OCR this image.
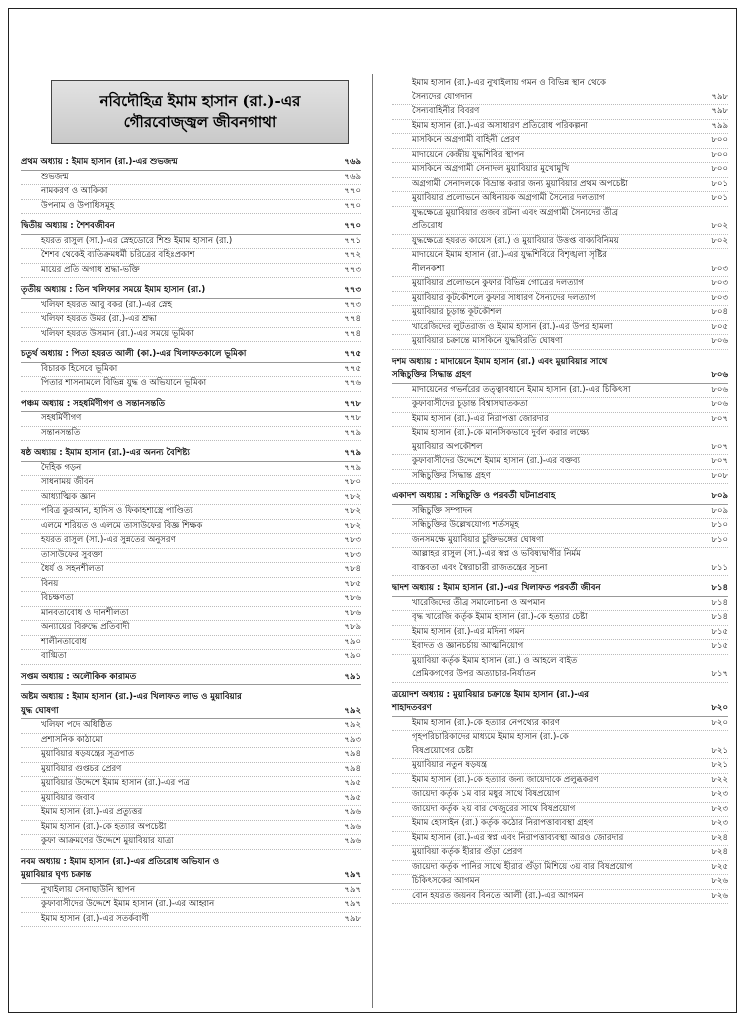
নবিদৌহিত্র ইমাম হাসান (রা.)-এর
গৌরবোজ্জ্বল জীবনগাথা
প্রথম অধ্যায় : ইমাম হাসান (রা.)-এর শুভজন্ম	৭৬৯
শুভজন্ম	৭৬৯
নামকরণ ও আকিকা	৭৭০
উপনাম ও উপাধিসমূহ	৭৭০
দ্বিতীয় অধ্যায় : শৈশবজীবন	৭৭০
হযরত রাসুল (সা.)-এর স্নেহডোরে শিশু ইমাম হাসান (রা.)	৭৭১
শৈশব থেকেই ব্যতিক্রমধর্মী চরিত্রের বহিঃপ্রকাশ	৭৭২
মায়ের প্রতি অগাধ শ্রদ্ধা-ভক্তি	৭৭৩
তৃতীয় অধ্যায় : তিন খলিফার সময়ে ইমাম হাসান (রা.)	৭৭৩
খলিফা হযরত আবু বকর (রা.)-এর স্নেহ	৭৭৩
খলিফা হযরত উমর (রা.)-এর শ্রদ্ধা	৭৭৪
খলিফা হযরত উসমান (রা.)-এর সময়ে ভূমিকা	৭৭৪
চতুর্থ অধ্যায় : পিতা হযরত আলী (কা.)-এর খিলাফতকালে ভূমিকা	৭৭৫
বিচারক হিসেবে ভূমিকা	৭৭৫
পিতার শাসনামলে বিভিন্ন যুদ্ধ ও অভিযানে ভূমিকা	৭৭৬
পঞ্চম অধ্যায় : সহধর্মিণীগণ ও সন্তানসন্ততি	৭৭৮
সহধর্মিণীগণ	৭৭৮
সন্তানসন্ততি	৭৭৯
ষষ্ঠ অধ্যায় : ইমাম হাসান (রা.)-এর অনন্য বৈশিষ্ট্য	৭৭৯
দৈহিক গড়ন	৭৭৯
সাধনাময় জীবন	৭৮০
আধ্যাত্মিক জ্ঞান	৭৮২
পবিত্র কুরআন, হাদিস ও ফিকাহশাস্ত্রে পাণ্ডিত্য	৭৮২
এলমে শরিয়ত ও এলমে তাসাউফের বিজ্ঞ শিক্ষক	৭৮২
হযরত রাসুল (সা.)-এর সুন্নতের অনুসরণ	৭৮৩
তাসাউফের সুবক্তা	৭৮৩
ধৈর্য ও সহনশীলতা	৭৮৪
বিনয়	৭৮৫
বিচক্ষণতা	৭৮৬
মানবতাবোধ ও দানশীলতা	৭৮৬
অন্যায়ের বিরুদ্ধে প্রতিবাদী	৭৮৯
শালীনতাবোধ	৭৯০
বাগ্মিতা	৭৯০
সপ্তম অধ্যায় : অলৌকিক কারামত	৭৯১
অষ্টম অধ্যায় : ইমাম হাসান (রা.)-এর খিলাফত লাভ ও মুয়াবিয়ার
যুদ্ধ ঘোষণা	৭৯২
খলিফা পদে অধিষ্ঠিত	৭৯২
প্রশাসনিক কাঠামো	৭৯৩
মুয়াবিয়ার ষড়যন্ত্রের সূত্রপাত	৭৯৪
মুয়াবিয়ার গুপ্তচর প্রেরণ	৭৯৪
মুয়াবিয়ার উদ্দেশে ইমাম হাসান (রা.)-এর পত্র	৭৯৫
মুয়াবিয়ার জবাব	৭৯৫
ইমাম হাসান (রা.)-এর প্রত্যুত্তর	৭৯৬
ইমাম হাসান (রা.)-কে হত্যার অপচেষ্টা	৭৯৬
কুফা আক্রমণের উদ্দেশে মুয়াবিয়ার যাত্রা	৭৯৬
নবম অধ্যায় : ইমাম হাসান (রা.)-এর প্রতিরোধ অভিযান ও
মুয়াবিয়ার ঘৃণ্য চক্রান্ত	৭৯৭
নুখাইলায় সেনাছাউনি স্থাপন	৭৯৭
কুফাবাসীদের উদ্দেশে ইমাম হাসান (রা.)-এর আহ্বান	৭৯৭
ইমাম হাসান (রা.)-এর সতর্কবাণী	৭৯৮
ইমাম হাসান (রা.)-এর নুখাইলায় গমন ও বিভিন্ন স্থান থেকে
সৈন্যদের যোগদান	৭৯৮
সৈন্যবাহিনীর বিবরণ	৭৯৮
ইমাম হাসান (রা.)-এর অসাধারণ প্রতিরোধ পরিকল্পনা	৭৯৯
মাসকিনে অগ্রগামী বাহিনী প্রেরণ	৮০০
মাদায়েনে কেন্দ্রীয় যুদ্ধশিবির স্থাপন	৮০০
মাসকিনে অগ্রগামী সেনাদল মুয়াবিয়ার মুখোমুখি	৮০০
অগ্রগামী সেনাদলকে বিভ্রান্ত করার জন্য মুয়াবিয়ার প্রথম অপচেষ্টা	৮০১
মুয়াবিয়ার প্রলোভনে অধিনায়ক অগ্রগামী সৈন্যের দলত্যাগ	৮০১
যুদ্ধক্ষেত্রে মুয়াবিয়ার গুজব রটনা এবং অগ্রগামী সৈন্যদের তীব্র
প্রতিরোধ	৮০২
যুদ্ধক্ষেত্রে হযরত কায়েস (রা.) ও মুয়াবিয়ার উত্তপ্ত বাক্যবিনিময়	৮০২
মাদায়েনে ইমাম হাসান (রা.)-এর যুদ্ধশিবিরে বিশৃঙ্খলা সৃষ্টির
নীলনকশা	৮০৩
মুয়াবিয়ার প্রলোভনে কুফার বিভিন্ন গোত্রের দলত্যাগ	৮০৩
মুয়াবিয়ার কূটকৌশলে কুফার সাধারণ সৈন্যদের দলত্যাগ	৮০৩
মুয়াবিয়ার চূড়ান্ত কূটকৌশল	৮০৪
খারেজিদের লুটতরাজ ও ইমাম হাসান (রা.)-এর উপর হামলা	৮০৫
মুয়াবিয়ার চক্রান্তে মাসকিনে যুদ্ধবিরতি ঘোষণা	৮০৬
দশম অধ্যায় : মাদায়েনে ইমাম হাসান (রা.) এবং মুয়াবিয়ার সাথে
সন্ধিচুক্তির সিদ্ধান্ত গ্রহণ	৮০৬
মাদায়েনের গভর্নরের তত্ত্বাবধানে ইমাম হাসান (রা.)-এর চিকিৎসা	৮০৬
কুফাবাসীদের চূড়ান্ত বিশ্বাসঘাতকতা	৮০৬
ইমাম হাসান (রা.)-এর নিরাপত্তা জোরদার	৮০৭
ইমাম হাসান (রা.)-কে মানসিকভাবে দুর্বল করার লক্ষ্যে
মুয়াবিয়ার অপকৌশল	৮০৭
কুফাবাসীদের উদ্দেশে ইমাম হাসান (রা.)-এর বক্তব্য	৮০৭
সন্ধিচুক্তির সিদ্ধান্ত গ্রহণ	৮০৮
একাদশ অধ্যায় : সন্ধিচুক্তি ও পরবর্তী ঘটনাপ্রবাহ	৮০৯
সন্ধিচুক্তি সম্পাদন	৮০৯
সন্ধিচুক্তির উল্লেখযোগ্য শর্তসমূহ	৮১০
জনসমক্ষে মুয়াবিয়ার চুক্তিভঙ্গের ঘোষণা	৮১০
আল্লাহর রাসুল (সা.)-এর স্বপ্ন ও ভবিষ্যদ্বাণীর নির্মম
বাস্তবতা এবং স্বৈরাচারী রাজতন্ত্রের সূচনা	৮১১
দ্বাদশ অধ্যায় : ইমাম হাসান (রা.)-এর খিলাফত পরবর্তী জীবন	৮১৪
খারেজিদের তীব্র সমালোচনা ও অপমান	৮১৪
বৃদ্ধ খারেজি কর্তৃক ইমাম হাসান (রা.)-কে হত্যার চেষ্টা	৮১৪
ইমাম হাসান (রা.)-এর মদিনা গমন	৮১৫
ইবাদত ও জ্ঞানচর্চায় আত্মনিয়োগ	৮১৫
মুয়াবিয়া কর্তৃক ইমাম হাসান (রা.) ও আহলে বাইত
প্রেমিকগণের উপর অত্যাচার-নির্যাতন	৮১৭
ত্রয়োদশ অধ্যায় : মুয়াবিয়ার চক্রান্তে ইমাম হাসান (রা.)-এর
শাহাদতবরণ	৮২০
ইমাম হাসান (রা.)-কে হত্যার নেপথ্যের কারণ	৮২০
গৃহপরিচারিকাদের মাধ্যমে ইমাম হাসান (রা.)-কে
বিষপ্রয়োগের চেষ্টা	৮২১
মুয়াবিয়ার নতুন ষড়যন্ত্র	৮২১
ইমাম হাসান (রা.)-কে হত্যার জন্য জায়েদাকে প্রলুব্ধকরণ	৮২২
জায়েদা কর্তৃক ১ম বার মধুর সাথে বিষপ্রয়োগ	৮২৩
জায়েদা কর্তৃক ২য় বার খেজুরের সাথে বিষপ্রয়োগ	৮২৩
ইমাম হোসাইন (রা.) কর্তৃক কঠোর নিরাপত্তাব্যবস্থা গ্রহণ	৮২৩
ইমাম হাসান (রা.)-এর স্বপ্ন এবং নিরাপত্তাব্যবস্থা আরও জোরদার	৮২৪
মুয়াবিয়া কর্তৃক হীরার গুঁড়া প্রেরণ	৮২৪
জায়েদা কর্তৃক পানির সাথে হীরার গুঁড়া মিশিয়ে ৩য় বার বিষপ্রয়োগ	৮২৫
চিকিৎসকের আগমন	৮২৬
বোন হযরত জয়নব বিনতে আলী (রা.)-এর আগমন	৮২৬
